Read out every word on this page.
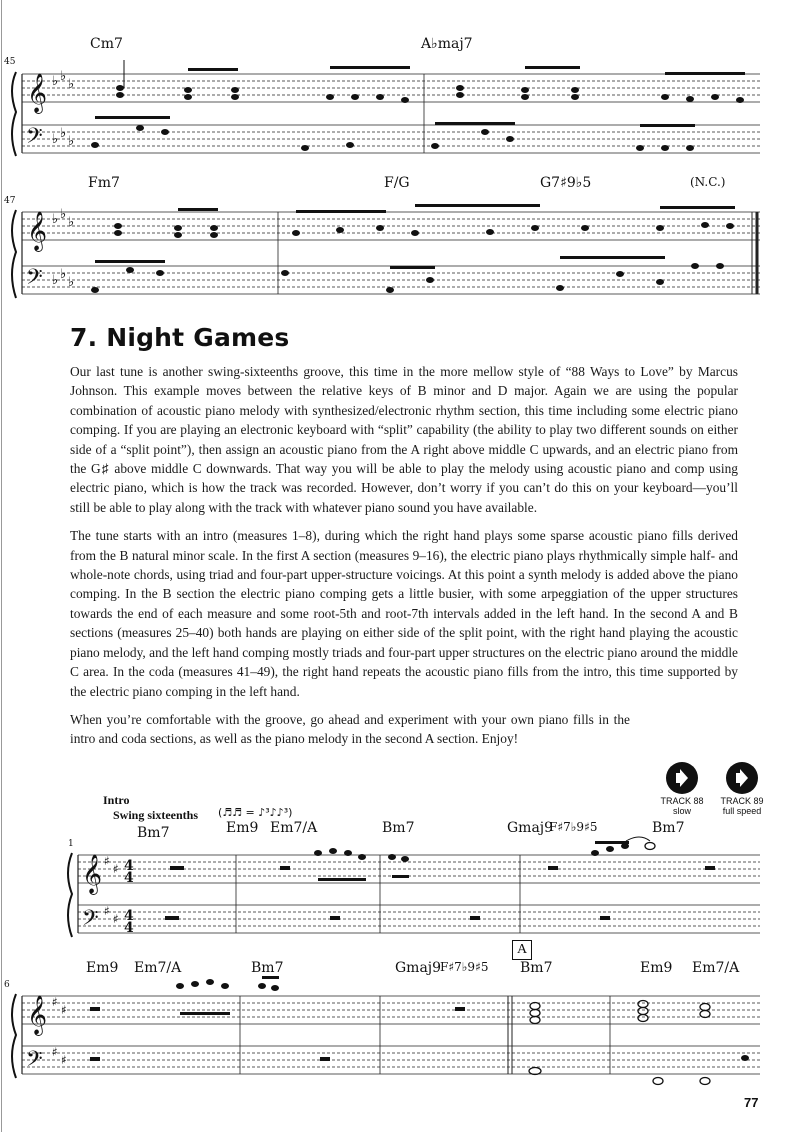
Cm7	A♭maj7
45
𝄞
𝄢
♭ ♭
♭
♭ ♭
♭
Fm7	F/G	G7♯9♭5	(N.C.)
47
𝄞
𝄢
♭ ♭
♭
♭ ♭
♭
7. Night Games

Our last tune is another swing-sixteenths groove, this time in the more mellow style of “88 Ways to Love” by Marcus Johnson. This example moves between the relative keys of B minor and D major. Again we are using the popular combination of acoustic piano melody with synthesized/electronic rhythm section, this time including some electric piano comping. If you are playing an electronic keyboard with “split” capability (the ability to play two different sounds on either side of a “split point”), then assign an acoustic piano from the A right above middle C upwards, and an electric piano from the G♯ above middle C downwards. That way you will be able to play the melody using acoustic piano and comp using electric piano, which is how the track was recorded. However, don’t worry if you can’t do this on your keyboard—you’ll still be able to play along with the track with whatever piano sound you have available.

The tune starts with an intro (measures 1–8), during which the right hand plays some sparse acoustic piano fills derived from the B natural minor scale. In the first A section (measures 9–16), the electric piano plays rhythmically simple half- and whole-note chords, using triad and four-part upper-structure voicings. At this point a synth melody is added above the piano comping. In the B section the electric piano comping gets a little busier, with some arpeggiation of the upper structures towards the end of each measure and some root-5th and root-7th intervals added in the left hand. In the second A and B sections (measures 25–40) both hands are playing on either side of the split point, with the right hand playing the acoustic piano melody, and the left hand comping mostly triads and four-part upper structures on the electric piano around the middle C area. In the coda (measures 41–49), the right hand repeats the acoustic piano fills from the intro, this time supported by the electric piano comping in the left hand.

When you’re comfortable with the groove, go ahead and experiment with your own piano fills in the intro and coda sections, as well as the piano melody in the second A section. Enjoy!

TRACK 88
slow
TRACK 89
full speed
Intro
Swing sixteenths (♬♬ = ♪³♪♪³)
Bm7	Em9 Em7/A	Bm7	Gmaj9
F♯7♭9♯5	Bm7
1
𝄞
𝄢
♯
♯
♯
♯
4
4
4
4
A
Em9 Em7/A	Bm7	Gmaj9
F♯7♭9♯5 Bm7	Em9 Em7/A
6
𝄞
𝄢
♯
♯
♯
♯
77
